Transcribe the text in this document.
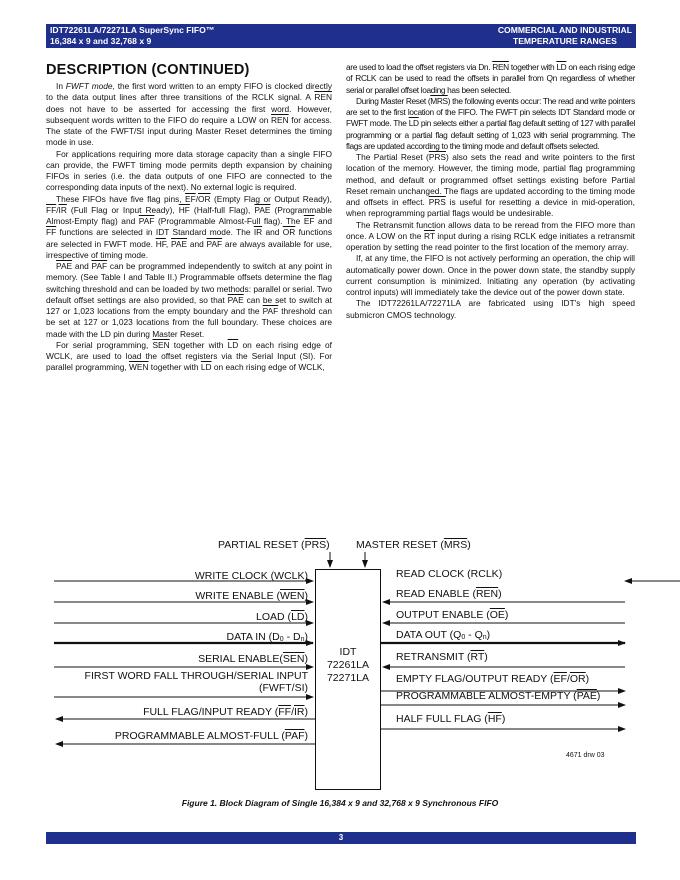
IDT72261LA/72271LA SuperSync FIFO™
16,384 x 9 and 32,768 x 9
COMMERCIAL AND INDUSTRIAL
TEMPERATURE RANGES
DESCRIPTION (CONTINUED)

In FWFT mode, the first word written to an empty FIFO is clocked directly to the data output lines after three transitions of the RCLK signal. A $\overline{REN}$ does not have to be asserted for accessing the first word. However, subsequent words written to the FIFO do require a LOW on $\overline{REN}$ for access. The state of the FWFT/SI input during Master Reset determines the timing mode in use.

For applications requiring more data storage capacity than a single FIFO can provide, the FWFT timing mode permits depth expansion by chaining FIFOs in series (i.e. the data outputs of one FIFO are connected to the corresponding data inputs of the next). No external logic is required.

These FIFOs have five flag pins, $\overline{EF}/\overline{OR}$ (Empty Flag or Output Ready), $\overline{FF}/\overline{IR}$ (Full Flag or Input Ready), $\overline{HF}$ (Half-full Flag), $\overline{PAE}$ (Programmable Almost-Empty flag) and $\overline{PAF}$ (Programmable Almost-Full flag). The $\overline{EF}$ and $\overline{FF}$ functions are selected in IDT Standard mode. The $\overline{IR}$ and $\overline{OR}$ functions are selected in FWFT mode. $\overline{HF}$, $\overline{PAE}$ and $\overline{PAF}$ are always available for use, irrespective of timing mode.

$\overline{PAE}$ and $\overline{PAF}$ can be programmed independently to switch at any point in memory. (See Table I and Table II.) Programmable offsets determine the flag switching threshold and can be loaded by two methods: parallel or serial. Two default offset settings are also provided, so that $\overline{PAE}$ can be set to switch at 127 or 1,023 locations from the empty boundary and the $\overline{PAF}$ threshold can be set at 127 or 1,023 locations from the full boundary. These choices are made with the LD pin during Master Reset.

For serial programming, $\overline{SEN}$ together with $\overline{LD}$ on each rising edge of WCLK, are used to load the offset registers via the Serial Input (SI). For parallel programming, $\overline{WEN}$ together with $\overline{LD}$ on each rising edge of WCLK,

are used to load the offset registers via Dn. $\overline{REN}$ together with $\overline{LD}$ on each rising edge of RCLK can be used to read the offsets in parallel from Qn regardless of whether serial or parallel offset loading has been selected.

During Master Reset $(\overline{MRS})$ the following events occur: The read and write pointers are set to the first location of the FIFO. The FWFT pin selects IDT Standard mode or FWFT mode. The $\overline{LD}$ pin selects either a partial flag default setting of 127 with parallel programming or a partial flag default setting of 1,023 with serial programming. The flags are updated according to the timing mode and default offsets selected.

The Partial Reset $(\overline{PRS})$ also sets the read and write pointers to the first location of the memory. However, the timing mode, partial flag programming method, and default or programmed offset settings existing before Partial Reset remain unchanged. The flags are updated according to the timing mode and offsets in effect. $\overline{PRS}$ is useful for resetting a device in mid-operation, when reprogramming partial flags would be undesirable.

The Retransmit function allows data to be reread from the FIFO more than once. A LOW on the $\overline{RT}$ input during a rising RCLK edge initiates a retransmit operation by setting the read pointer to the first location of the memory array.

If, at any time, the FIFO is not actively performing an operation, the chip will automatically power down. Once in the power down state, the standby supply current consumption is minimized. Initiating any operation (by activating control inputs) will immediately take the device out of the power down state.

The IDT72261LA/72271LA are fabricated using IDT's high speed submicron CMOS technology.

PARTIAL RESET $(\overline{PRS})$	MASTER RESET $(\overline{MRS})$
IDT
72261LA
72271LA
WRITE CLOCK (WCLK)
WRITE ENABLE $(\overline{WEN})$
LOAD $(\overline{LD})$
DATA IN $(D_0 - D_n)$
SERIAL $ENABLE(\overline{SEN})$
FIRST WORD FALL THROUGH/SERIAL INPUT
(FWFT/SI)
FULL FLAG/INPUT READY $(\overline{FF}/\overline{IR})$
PROGRAMMABLE ALMOST-FULL $(\overline{PAF})$
READ CLOCK (RCLK)
READ ENABLE $(\overline{REN})$
OUTPUT ENABLE $(\overline{OE})$
DATA OUT $(Q_0 - Q_n)$
RETRANSMIT $(\overline{RT})$
EMPTY FLAG/OUTPUT READY $(\overline{EF}/\overline{OR})$
PROGRAMMABLE ALMOST-EMPTY $(\overline{PAE})$
HALF FULL FLAG $(\overline{HF})$
4671 drw 03
Figure 1. Block Diagram of Single 16,384 x 9 and 32,768 x 9 Synchronous FIFO
3
